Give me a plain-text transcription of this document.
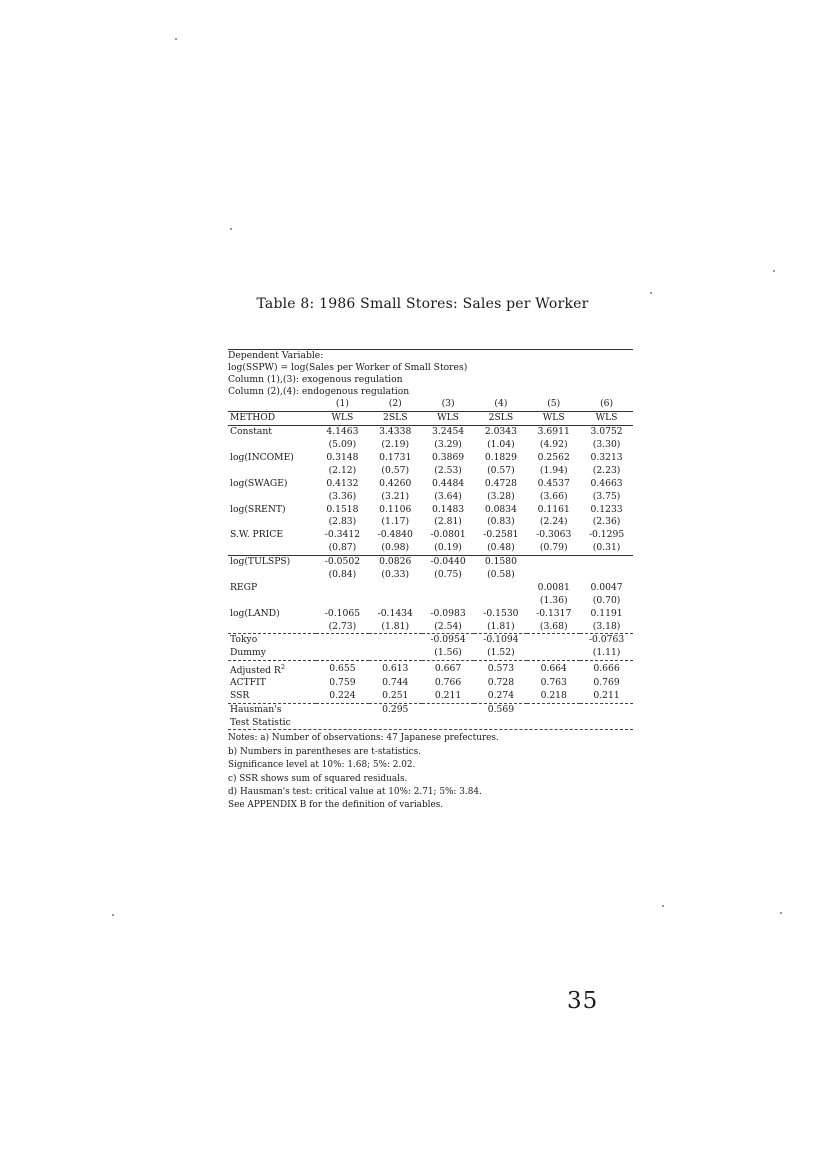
Table 8: 1986 Small Stores: Sales per Worker
Dependent Variable:
log(SSPW) = log(Sales per Worker of Small Stores)
Column (1),(3): exogenous regulation
Column (2),(4): endogenous regulation
	(1)	(2)	(3)	(4)	(5)	(6)
METHOD	WLS	2SLS	WLS	2SLS	WLS	WLS
Constant	4.1463	3.4338	3.2454	2.0343	3.6911	3.0752
	(5.09)	(2.19)	(3.29)	(1.04)	(4.92)	(3.30)
log(INCOME)	0.3148	0.1731	0.3869	0.1829	0.2562	0.3213
	(2.12)	(0.57)	(2.53)	(0.57)	(1.94)	(2.23)
log(SWAGE)	0.4132	0.4260	0.4484	0.4728	0.4537	0.4663
	(3.36)	(3.21)	(3.64)	(3.28)	(3.66)	(3.75)
log(SRENT)	0.1518	0.1106	0.1483	0.0834	0.1161	0.1233
	(2.83)	(1.17)	(2.81)	(0.83)	(2.24)	(2.36)
S.W. PRICE	-0.3412	-0.4840	-0.0801	-0.2581	-0.3063	-0.1295
	(0.87)	(0.98)	(0.19)	(0.48)	(0.79)	(0.31)
log(TULSPS)	-0.0502	0.0826	-0.0440	0.1580		
	(0.84)	(0.33)	(0.75)	(0.58)		
REGP					0.0081	0.0047
					(1.36)	(0.70)
log(LAND)	-0.1065	-0.1434	-0.0983	-0.1530	-0.1317	0.1191
	(2.73)	(1.81)	(2.54)	(1.81)	(3.68)	(3.18)
Tokyo			-0.0954	-0.1094		-0.0763
Dummy			(1.56)	(1.52)		(1.11)
Adjusted $R^2$	0.655	0.613	0.667	0.573	0.664	0.666
ACTFIT	0.759	0.744	0.766	0.728	0.763	0.769
SSR	0.224	0.251	0.211	0.274	0.218	0.211
Hausman's		0.295		0.569		
Test Statistic						
Notes: a) Number of observations: 47 Japanese prefectures.
b) Numbers in parentheses are t-statistics.
Significance level at 10%: 1.68; 5%: 2.02.
c) SSR shows sum of squared residuals.
d) Hausman's test: critical value at 10%: 2.71; 5%: 3.84.
See APPENDIX B for the definition of variables.
35
